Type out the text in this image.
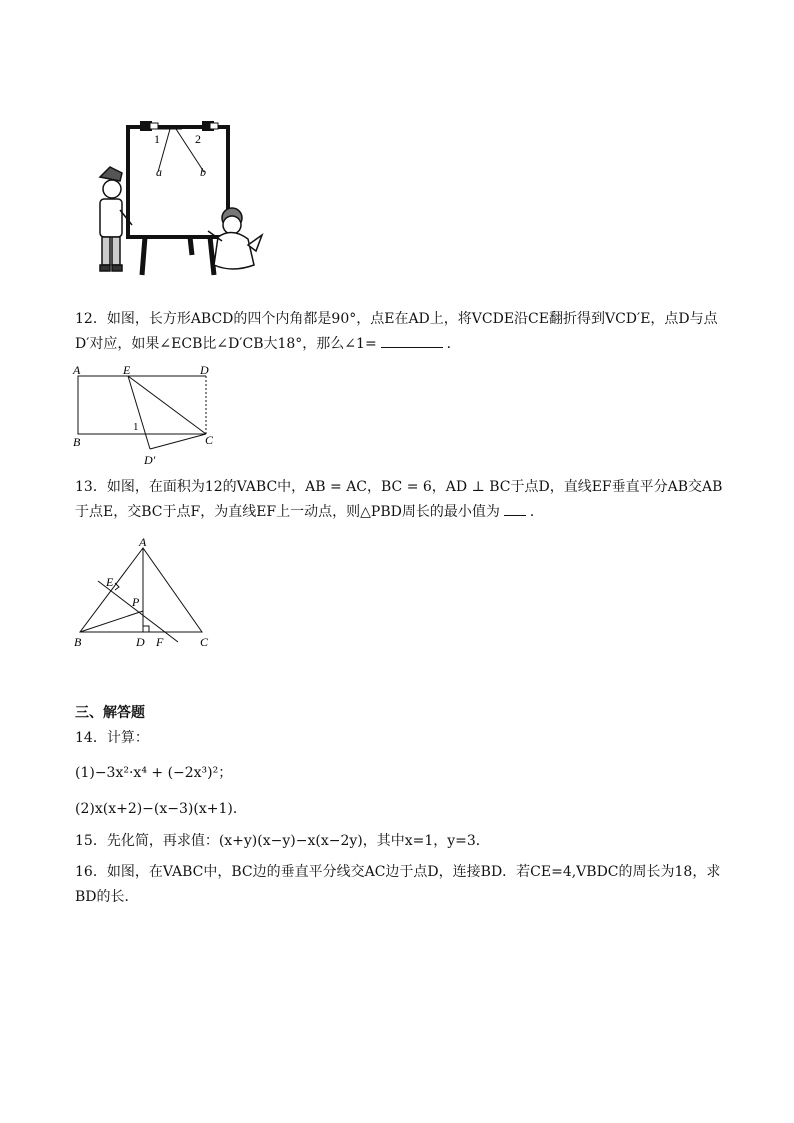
1	2
a	b
12．如图，长方形ABCD的四个内角都是90°，点E在AD上，将VCDE沿CE翻折得到VCD′E，点D与点D′对应，如果∠ECB比∠D′CB大18°，那么∠1=	．
A	E	D
B	C
D′
1
13．如图，在面积为12的VABC中，AB = AC，BC = 6，AD ⊥ BC于点D，直线EF垂直平分AB交AB于点E，交BC于点F，为直线EF上一动点，则△PBD周长的最小值为 ．
A
E
P
B	D F	C
三、解答题
14．计算：
(1)−3x²·x⁴ + (−2x³)²；
(2)x(x+2)−(x−3)(x+1)．
15．先化简，再求值：(x+y)(x−y)−x(x−2y)，其中x=1，y=3．
16．如图，在VABC中，BC边的垂直平分线交AC边于点D，连接BD．若CE=4,VBDC的周长为18，求BD的长．
